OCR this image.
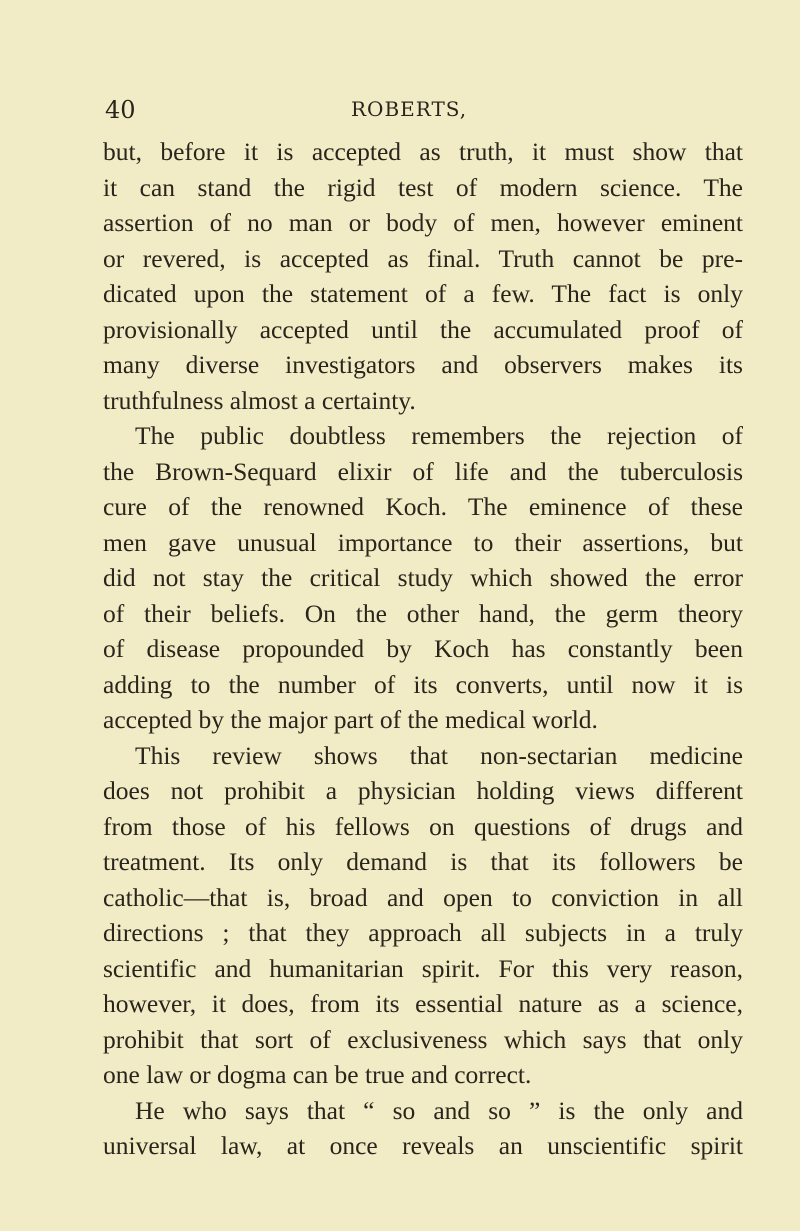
40	ROBERTS,
but, before it is accepted as truth, it must show that
it can stand the rigid test of modern science. The
assertion of no man or body of men, however eminent
or revered, is accepted as final. Truth cannot be pre-
dicated upon the statement of a few. The fact is only
provisionally accepted until the accumulated proof of
many diverse investigators and observers makes its
truthfulness almost a certainty.
The public doubtless remembers the rejection of
the Brown-Sequard elixir of life and the tuberculosis
cure of the renowned Koch. The eminence of these
men gave unusual importance to their assertions, but
did not stay the critical study which showed the error
of their beliefs. On the other hand, the germ theory
of disease propounded by Koch has constantly been
adding to the number of its converts, until now it is
accepted by the major part of the medical world.
This review shows that non-sectarian medicine
does not prohibit a physician holding views different
from those of his fellows on questions of drugs and
treatment. Its only demand is that its followers be
catholic—that is, broad and open to conviction in all
directions ; that they approach all subjects in a truly
scientific and humanitarian spirit. For this very reason,
however, it does, from its essential nature as a science,
prohibit that sort of exclusiveness which says that only
one law or dogma can be true and correct.
He who says that “ so and so ” is the only and
universal law, at once reveals an unscientific spirit
